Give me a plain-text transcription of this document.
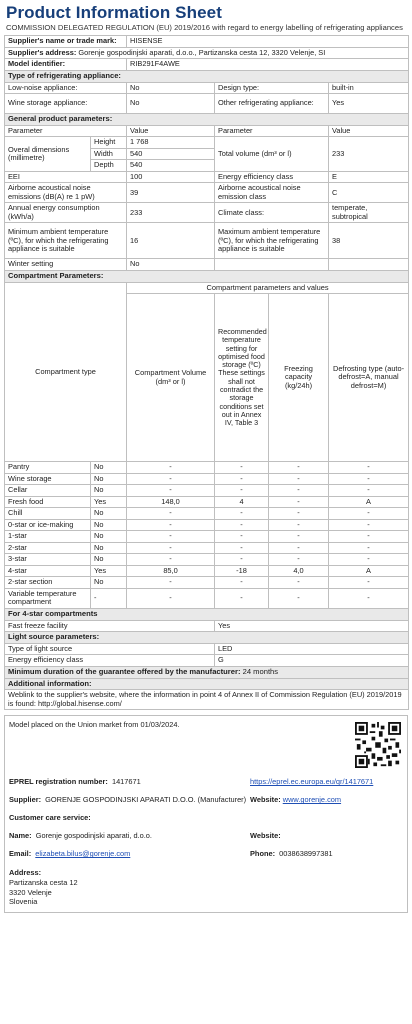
Product Information Sheet
COMMISSION DELEGATED REGULATION (EU) 2019/2016 with regard to energy labelling of refrigerating appliances
Supplier's name or trade mark:		HISENSE		
Supplier's address: Gorenje gospodinjski aparati, d.o.o., Partizanska cesta 12, 3320 Velenje, SI				
Model identifier:		RIB291F4AWE		
Type of refrigerating appliance:				
Low-noise appliance:		No	Design type:	built-in
Wine storage appliance:		No	Other refrigerating appliance:	Yes
General product parameters:				
Parameter		Value	Parameter	Value
Overal dimensions (millimetre)	Height	1 768	Total volume (dm³ or l)	233
	Width	540		
	Depth	540		
EEI		100	Energy efficiency class	E
Airborne acoustical noise emissions (dB(A) re 1 pW)		39	Airborne acoustical noise emission class	C
Annual energy consumption (kWh/a)		233	Climate class:	temperate, subtropical
Minimum ambient temperature (ºC), for which the refrigerating appliance is suitable		16	Maximum ambient temperature (ºC), for which the refrigerating appliance is suitable	38
Winter setting		No		
Compartment Parameters:				
Compartment type		Compartment parameters and values			
		Compartment Volume (dm³ or l)	Recommended temperature setting for optimised food storage (ºC) These settings shall not contradict the storage conditions set out in Annex IV, Table 3	Freezing capacity (kg/24h)	Defrosting type (auto-defrost=A, manual defrost=M)
Pantry	No	-	-	-	-
Wine storage	No	-	-	-	-
Cellar	No	-	-	-	-
Fresh food	Yes	148,0	4	-	A
Chill	No	-	-	-	-
0-star or ice-making	No	-	-	-	-
1-star	No	-	-	-	-
2-star	No	-	-	-	-
3-star	No	-	-	-	-
4-star	Yes	85,0	-18	4,0	A
2-star section	No	-	-	-	-
Variable temperature compartment	-	-	-	-	-
For 4-star compartments	
Fast freeze facility	Yes
Light source parameters:	
Type of light source	LED
Energy efficiency class	G
Minimum duration of the guarantee offered by the manufacturer: 24 months	
Additional information:	
Weblink to the supplier's website, where the information in point 4 of Annex II of Commission Regulation (EU) 2019/2019 is found: http://global.hisense.com/	
Model placed on the Union market from 01/03/2024.
EPREL registration number: 1417671	https://eprel.ec.europa.eu/qr/1417671
Supplier: GORENJE GOSPODINJSKI APARATI D.O.O. (Manufacturer) Website: www.gorenje.com
Customer care service:
Name: Gorenje gospodinjski aparati, d.o.o.	Website:
Email: elizabeta.bilus@gorenje.com	Phone: 0038638997381
Address:
Partizanska cesta 12
3320 Velenje
Slovenia
